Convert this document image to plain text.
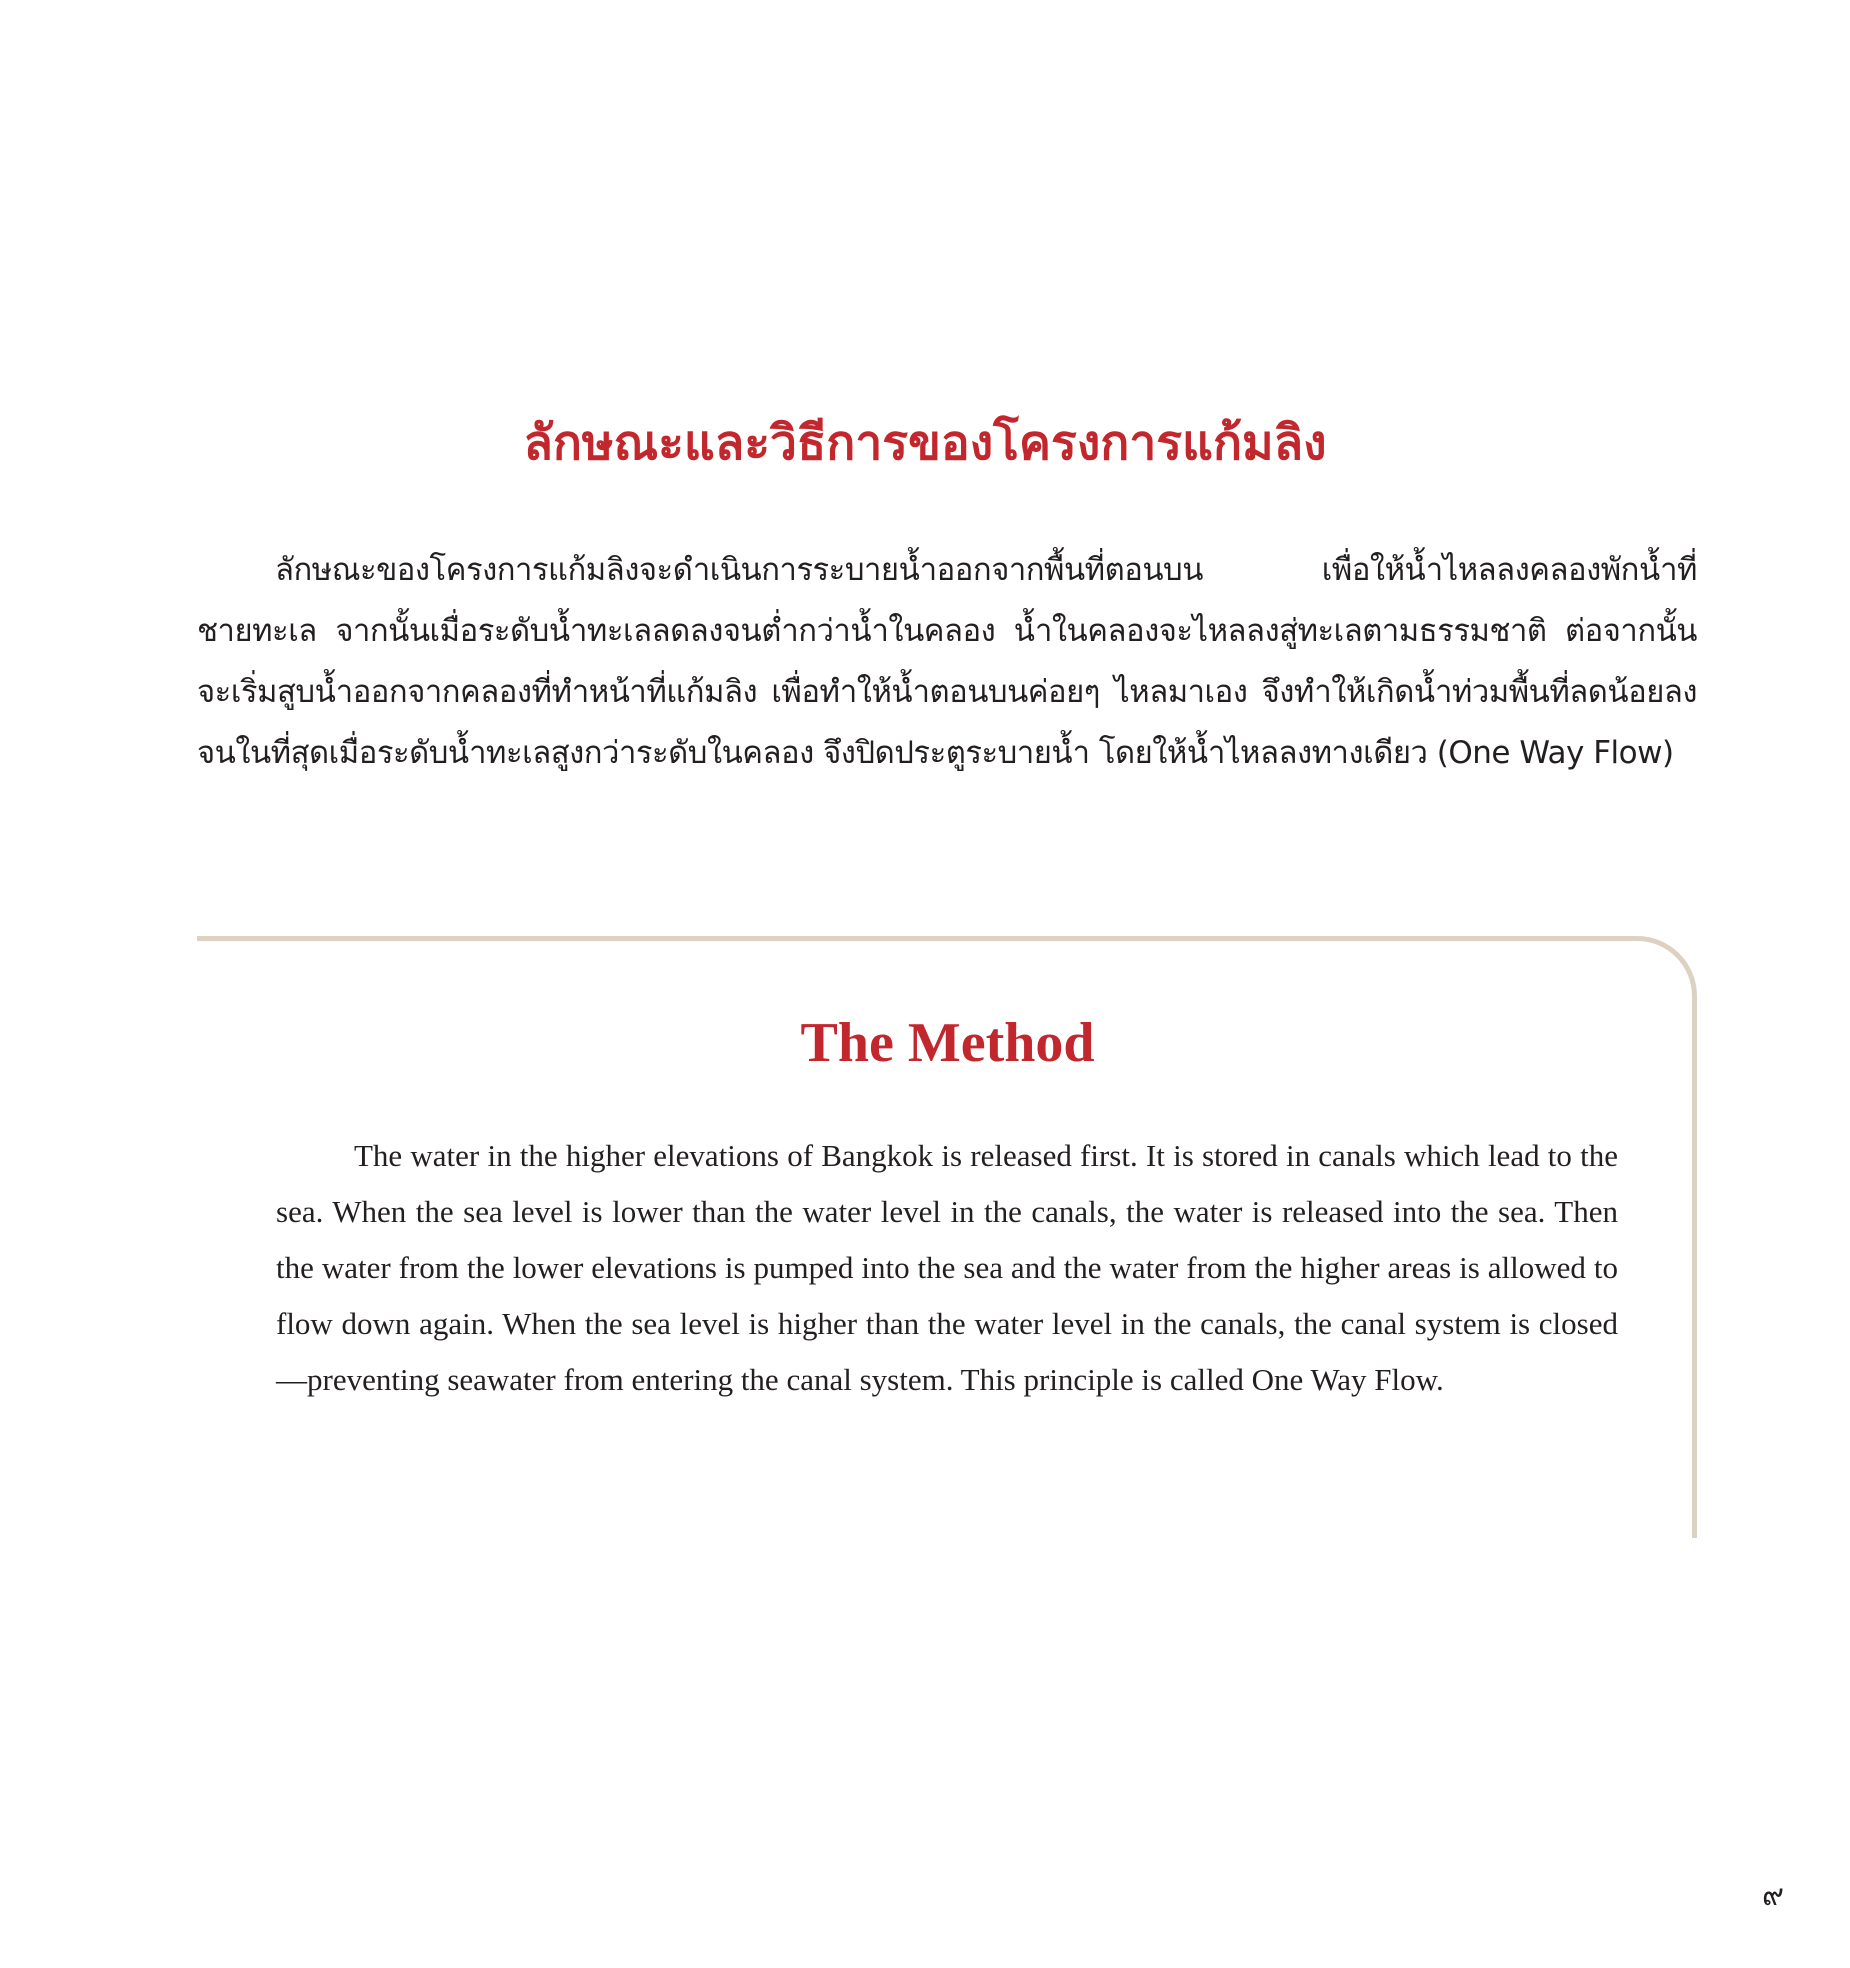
ลักษณะและวิธีการของโครงการแก้มลิง

ลักษณะของโครงการแก้มลิงจะดำเนินการระบายน้ำออกจากพื้นที่ตอนบน เพื่อให้น้ำไหลลงคลองพักน้ำที่ชายทะเล จากนั้นเมื่อระดับน้ำทะเลลดลงจนต่ำกว่าน้ำในคลอง น้ำในคลองจะไหลลงสู่ทะเลตามธรรมชาติ ต่อจากนั้นจะเริ่มสูบน้ำออกจากคลองที่ทำหน้าที่แก้มลิง เพื่อทำให้น้ำตอนบนค่อยๆ ไหลมาเอง จึงทำให้เกิดน้ำท่วมพื้นที่ลดน้อยลง จนในที่สุดเมื่อระดับน้ำทะเลสูงกว่าระดับในคลอง จึงปิดประตูระบายน้ำ โดยให้น้ำไหลลงทางเดียว (One Way Flow)

The Method

The water in the higher elevations of Bangkok is released first. It is stored in canals which lead to the sea. When the sea level is lower than the water level in the canals, the water is released into the sea. Then the water from the lower elevations is pumped into the sea and the water from the higher areas is allowed to flow down again. When the sea level is higher than the water level in the canals, the canal system is closed—preventing seawater from entering the canal system. This principle is called One Way Flow.

๙
